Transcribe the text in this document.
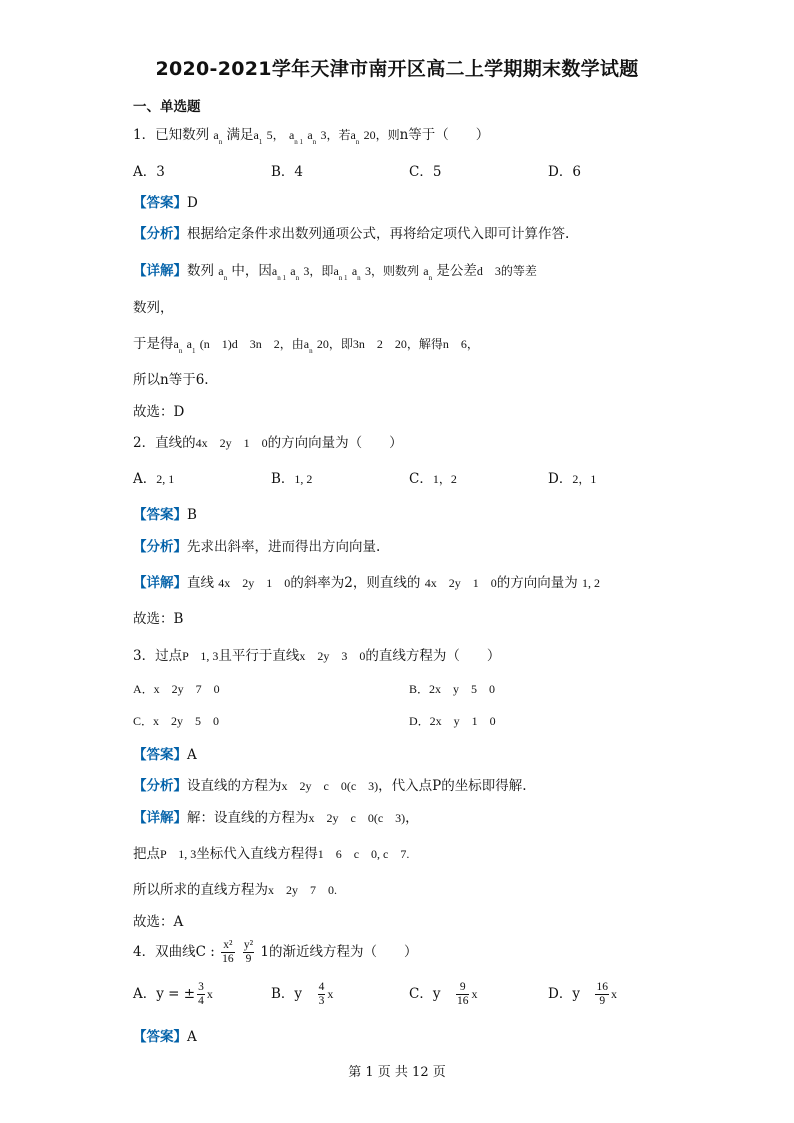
2020-2021学年天津市南开区高二上学期期末数学试题
一、单选题
1．已知数列 $a_n$ 满足$a_1$ 5， $a_{n 1}$ $a_n$ 3，若$a_n$ 20，则n等于（　　）
A．3	B．4	C．5	D．6
【答案】D
【分析】根据给定条件求出数列通项公式，再将给定项代入即可计算作答.
【详解】数列 $a_n$ 中，因$a_{n 1}$ $a_n$ 3，即$a_{n 1}$ $a_n$ 3，则数列 $a_n$ 是公差d　3的等差
数列，
于是得$a_n$ $a_1$ (n　1)d　3n　2，由$a_n$ 20，即3n　2　20，解得n　6，
所以n等于6.
故选：D
2．直线的4x　2y　1　0的方向向量为（　　）
A．2, 1	B．1, 2	C．1，2	D．2，1
【答案】B
【分析】先求出斜率，进而得出方向向量.
【详解】直线 4x　2y　1　0的斜率为2，则直线的 4x　2y　1　0的方向向量为 1, 2
故选：B
3．过点P　1, 3且平行于直线x　2y　3　0的直线方程为（　　）
A．x　2y　7　0	B．2x　y　5　0
C．x　2y　5　0	D．2x　y　1　0
【答案】A
【分析】设直线的方程为x　2y　c　0(c　3)，代入点P的坐标即得解.
【详解】解：设直线的方程为x　2y　c　0(c　3)，
把点P　1, 3坐标代入直线方程得1　6　c　0, c　7.
所以所求的直线方程为x　2y　7　0.
故选：A
4．双曲线C : $\frac{\text{x²}}{16}$
$\frac{\text{y²}}{9} 1$的渐近线方程为（　　）
A．y = ± $\frac{3}{4}$ x	B．y　 $\frac{4}{3}$ x	C．y　 $\frac{9}{16}$ x	D．y　 $\frac{16}{9}$ x
【答案】A
第 1 页 共 12 页
